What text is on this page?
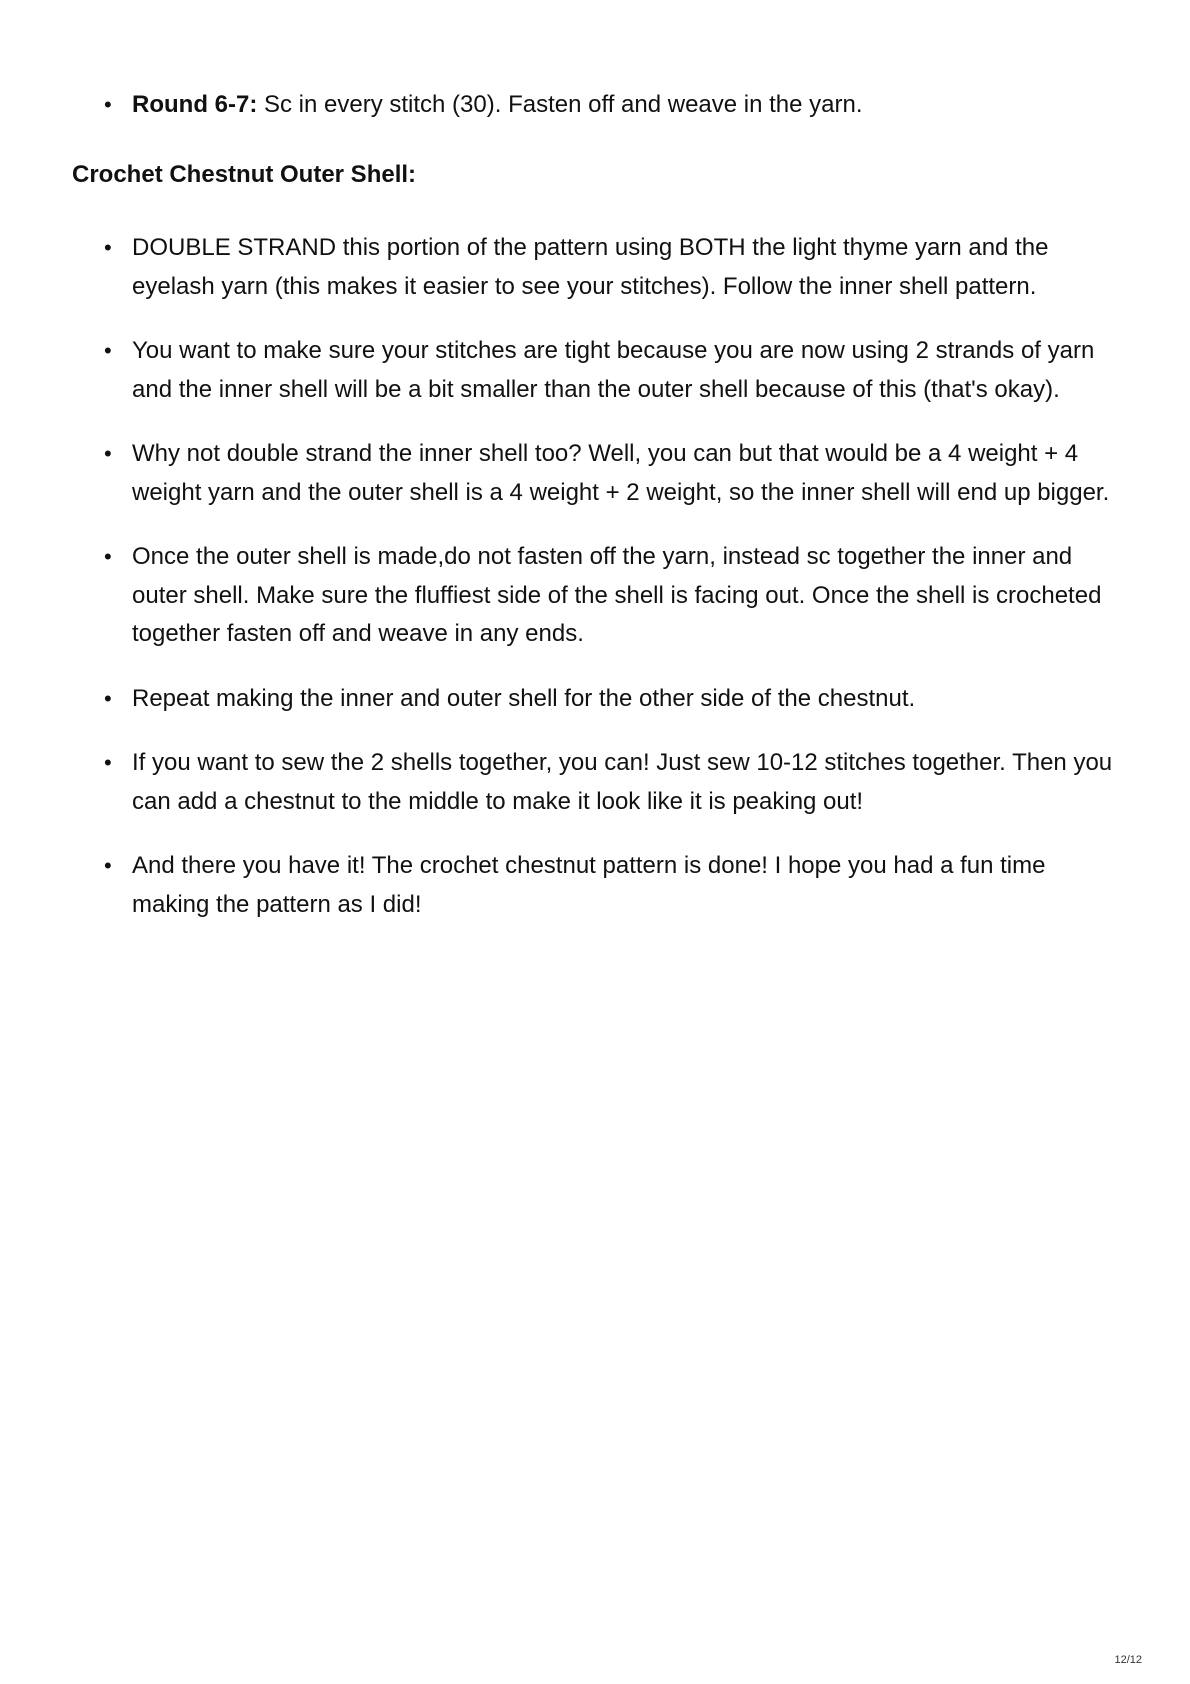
• Round 6-7: Sc in every stitch (30). Fasten off and weave in the yarn.
Crochet Chestnut Outer Shell:
• DOUBLE STRAND this portion of the pattern using BOTH the light thyme yarn and the eyelash yarn (this makes it easier to see your stitches). Follow the inner shell pattern.
• You want to make sure your stitches are tight because you are now using 2 strands of yarn and the inner shell will be a bit smaller than the outer shell because of this (that's okay).
• Why not double strand the inner shell too? Well, you can but that would be a 4 weight + 4 weight yarn and the outer shell is a 4 weight + 2 weight, so the inner shell will end up bigger.
• Once the outer shell is made,do not fasten off the yarn, instead sc together the inner and outer shell. Make sure the fluffiest side of the shell is facing out. Once the shell is crocheted together fasten off and weave in any ends.
• Repeat making the inner and outer shell for the other side of the chestnut.
• If you want to sew the 2 shells together, you can! Just sew 10-12 stitches together. Then you can add a chestnut to the middle to make it look like it is peaking out!
• And there you have it! The crochet chestnut pattern is done! I hope you had a fun time making the pattern as I did!
12/12
